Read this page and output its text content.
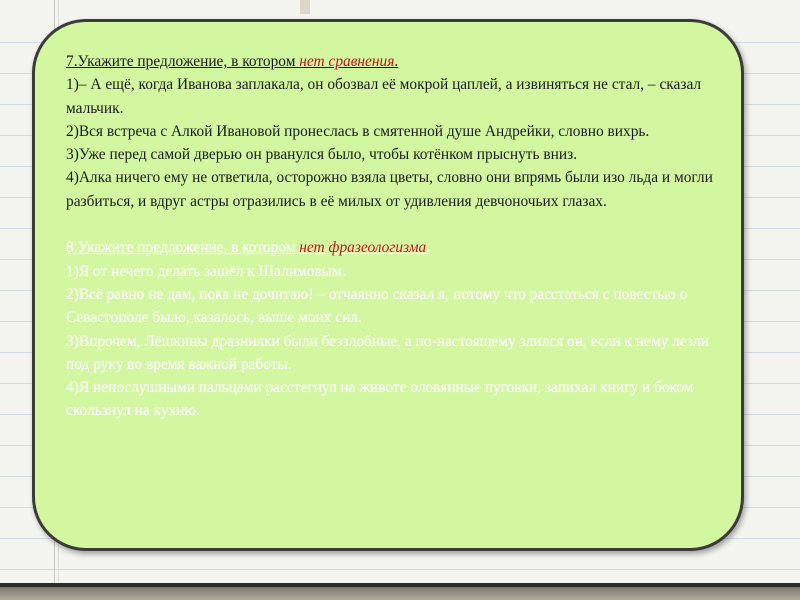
7.Укажите предложение, в котором нет сравнения.

1)– А ещё, когда Иванова заплакала, он обозвал её мокрой цаплей, а извиняться не стал, – сказал мальчик.

2)Вся встреча с Алкой Ивановой пронеслась в смятенной душе Андрейки, словно вихрь.

3)Уже перед самой дверью он рванулся было, чтобы котёнком прыснуть вниз.

4)Алка ничего ему не ответила, осторожно взяла цветы, словно они впрямь были изо льда и могли разбиться, и вдруг астры отразились в её милых от удивления девчоночьих глазах.

8.Укажите предложение, в котором нет фразеологизма.

1)Я от нечего делать зашёл к Шалимовым.

2)Всё равно не дам, пока не дочитаю! – отчаянно сказал я, потому что расстаться с повестью о Севастополе было, казалось, выше моих сил.

3)Впрочем, Лёшкины дразнилки были беззлобные, а по-настоящему злился он, если к нему лезли под руку во время важной работы.

4)Я непослушными пальцами расстегнул на животе оловянные пуговки, запихал книгу и боком скользнул на кухню.
